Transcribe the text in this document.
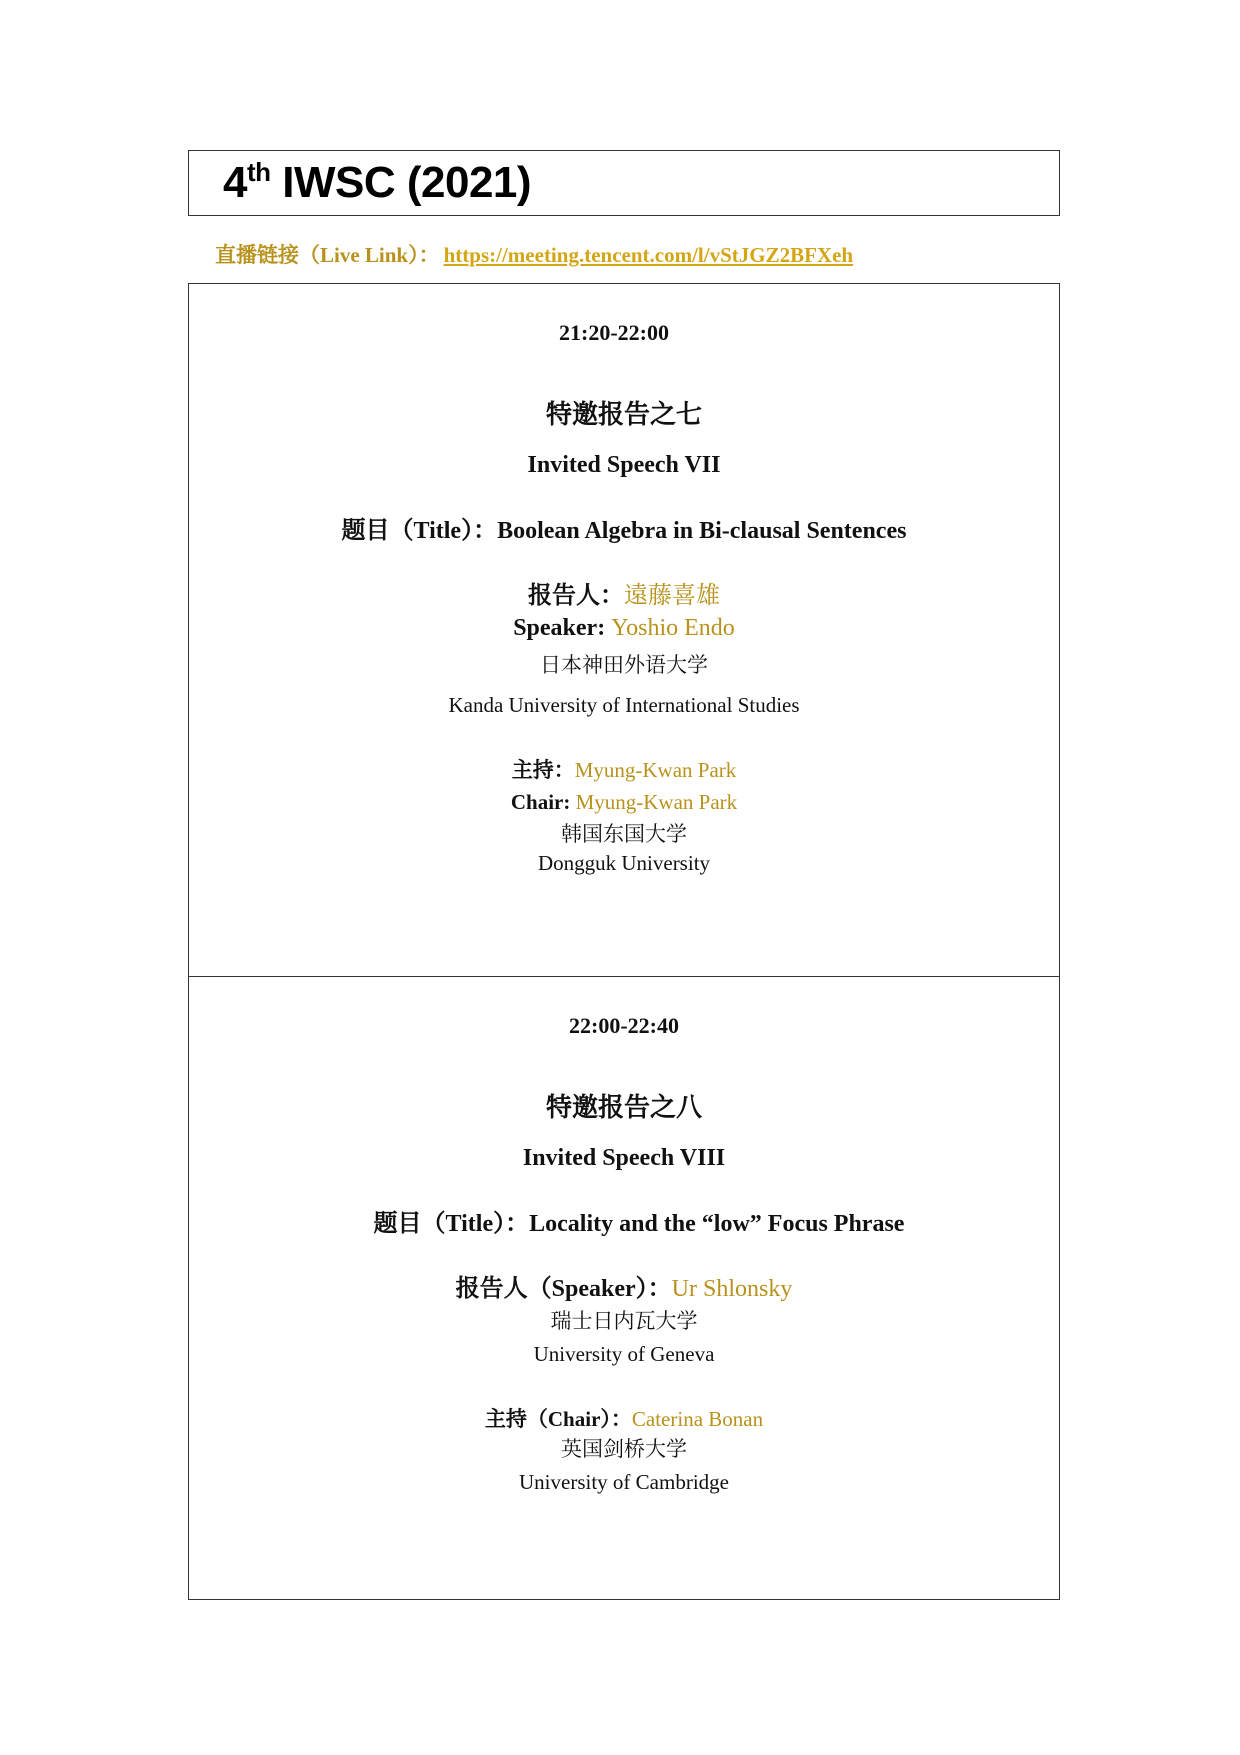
4th IWSC (2021)
直播链接（Live Link）： https://meeting.tencent.com/l/vStJGZ2BFXeh
21:20-22:00
特邀报告之七
Invited Speech VII
题目（Title）：Boolean Algebra in Bi-clausal Sentences
报告人：遠藤喜雄
Speaker: Yoshio Endo
日本神田外语大学
Kanda University of International Studies
主持：Myung-Kwan Park
Chair: Myung-Kwan Park
韩国东国大学
Dongguk University
22:00-22:40
特邀报告之八
Invited Speech VIII
题目（Title）：Locality and the “low” Focus Phrase
报告人（Speaker）：Ur Shlonsky
瑞士日内瓦大学
University of Geneva
主持（Chair）：Caterina Bonan
英国剑桥大学
University of Cambridge
